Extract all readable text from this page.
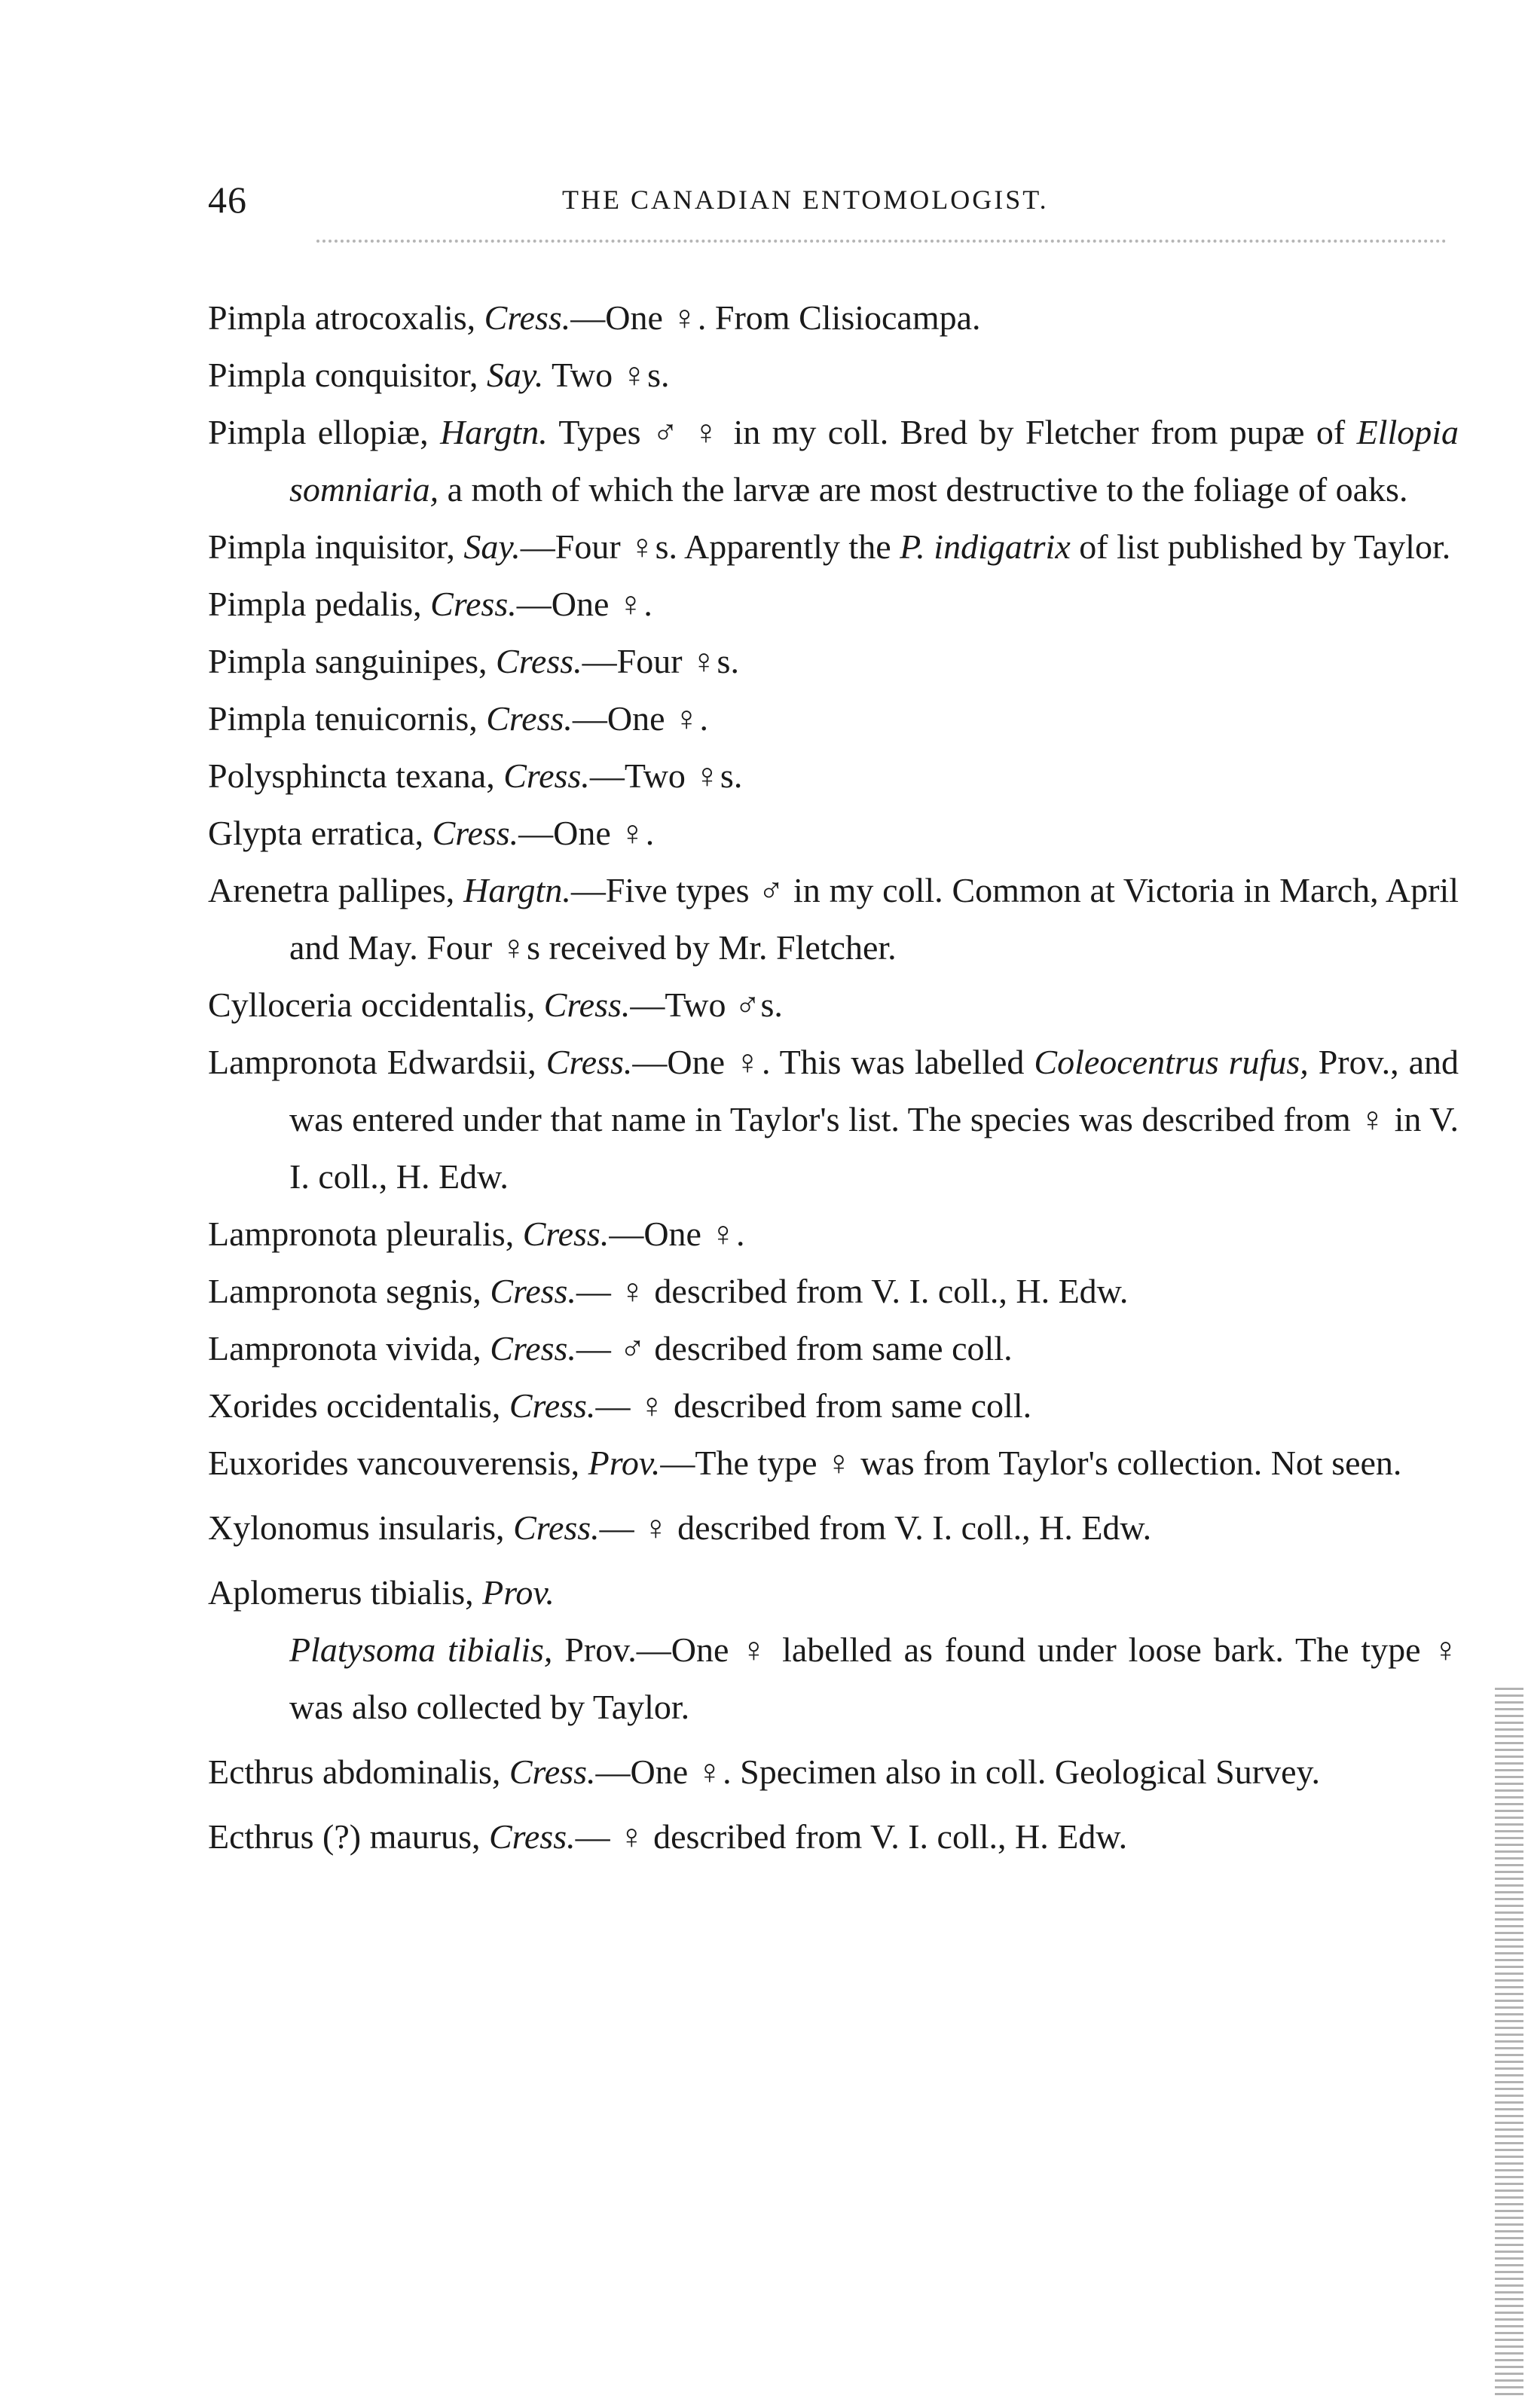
46	THE CANADIAN ENTOMOLOGIST.
Pimpla atrocoxalis, Cress.—One ♀. From Clisiocampa.
Pimpla conquisitor, Say. Two ♀s.
Pimpla ellopiæ, Hargtn. Types ♂ ♀ in my coll. Bred by Fletcher from pupæ of Ellopia somniaria, a moth of which the larvæ are most destructive to the foliage of oaks.
Pimpla inquisitor, Say.—Four ♀s. Apparently the P. indigatrix of list published by Taylor.
Pimpla pedalis, Cress.—One ♀.
Pimpla sanguinipes, Cress.—Four ♀s.
Pimpla tenuicornis, Cress.—One ♀.
Polysphincta texana, Cress.—Two ♀s.
Glypta erratica, Cress.—One ♀.
Arenetra pallipes, Hargtn.—Five types ♂ in my coll. Common at Victoria in March, April and May. Four ♀s received by Mr. Fletcher.
Cylloceria occidentalis, Cress.—Two ♂s.
Lampronota Edwardsii, Cress.—One ♀. This was labelled Coleocentrus rufus, Prov., and was entered under that name in Taylor's list. The species was described from ♀ in V. I. coll., H. Edw.
Lampronota pleuralis, Cress.—One ♀.
Lampronota segnis, Cress.— ♀ described from V. I. coll., H. Edw.
Lampronota vivida, Cress.— ♂ described from same coll.
Xorides occidentalis, Cress.— ♀ described from same coll.
Euxorides vancouverensis, Prov.—The type ♀ was from Taylor's collection. Not seen.
Xylonomus insularis, Cress.— ♀ described from V. I. coll., H. Edw.
Aplomerus tibialis, Prov.
Platysoma tibialis, Prov.—One ♀ labelled as found under loose bark. The type ♀ was also collected by Taylor.
Ecthrus abdominalis, Cress.—One ♀. Specimen also in coll. Geological Survey.
Ecthrus (?) maurus, Cress.— ♀ described from V. I. coll., H. Edw.
